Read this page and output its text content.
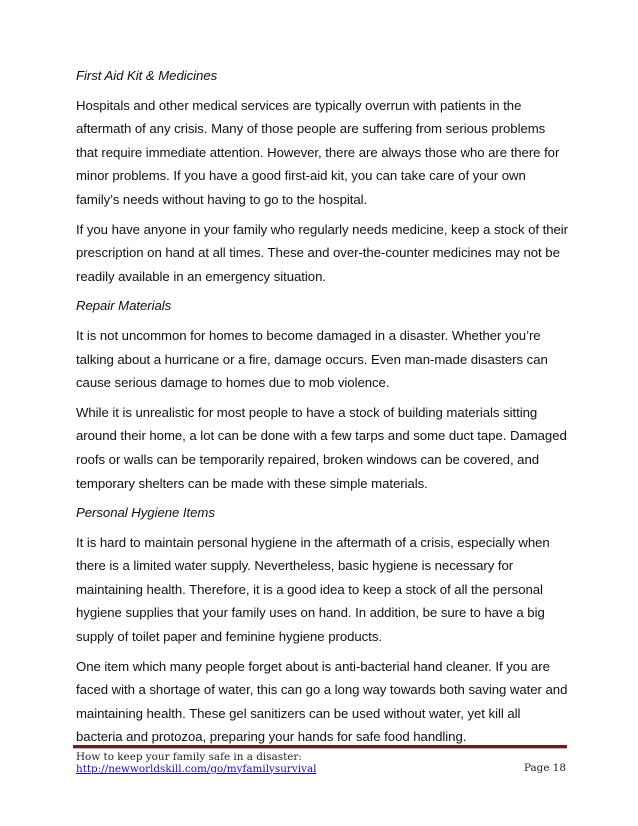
First Aid Kit & Medicines
Hospitals and other medical services are typically overrun with patients in the aftermath of any crisis. Many of those people are suffering from serious problems that require immediate attention. However, there are always those who are there for minor problems. If you have a good first-aid kit, you can take care of your own family’s needs without having to go to the hospital.
If you have anyone in your family who regularly needs medicine, keep a stock of their prescription on hand at all times. These and over-the-counter medicines may not be readily available in an emergency situation.
Repair Materials
It is not uncommon for homes to become damaged in a disaster. Whether you’re talking about a hurricane or a fire, damage occurs. Even man-made disasters can cause serious damage to homes due to mob violence.
While it is unrealistic for most people to have a stock of building materials sitting around their home, a lot can be done with a few tarps and some duct tape. Damaged roofs or walls can be temporarily repaired, broken windows can be covered, and temporary shelters can be made with these simple materials.
Personal Hygiene Items
It is hard to maintain personal hygiene in the aftermath of a crisis, especially when there is a limited water supply. Nevertheless, basic hygiene is necessary for maintaining health. Therefore, it is a good idea to keep a stock of all the personal hygiene supplies that your family uses on hand. In addition, be sure to have a big supply of toilet paper and feminine hygiene products.
One item which many people forget about is anti-bacterial hand cleaner. If you are faced with a shortage of water, this can go a long way towards both saving water and maintaining health. These gel sanitizers can be used without water, yet kill all bacteria and protozoa, preparing your hands for safe food handling.
How to keep your family safe in a disaster:
http://newworldskill.com/go/myfamilysurvival	Page 18
